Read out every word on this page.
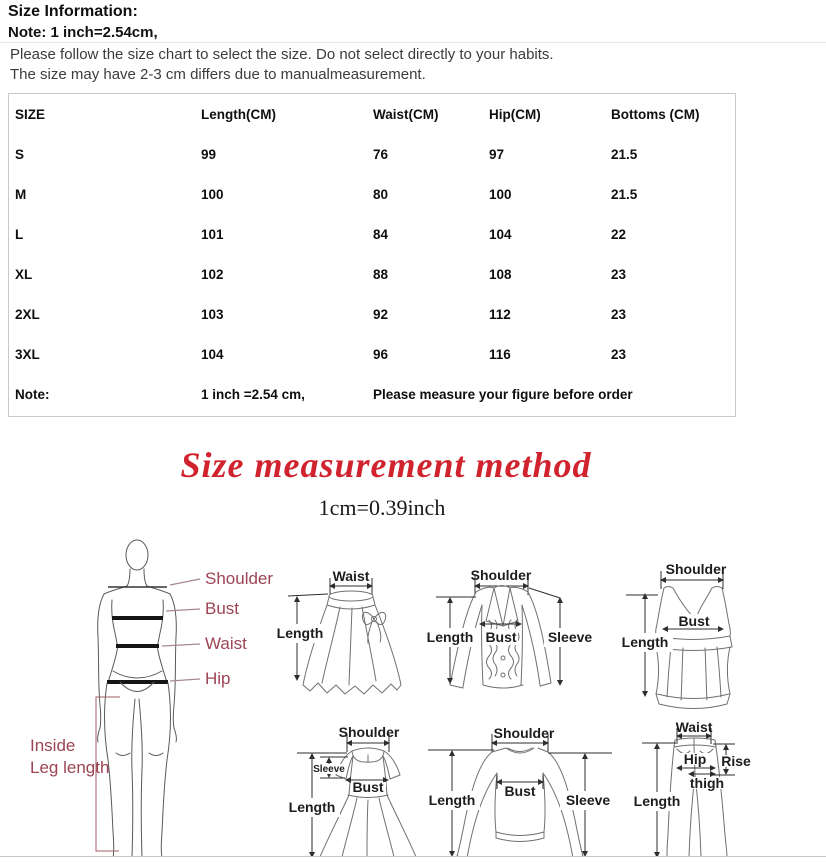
Size Information:
Note: 1 inch=2.54cm,
Please follow the size chart to select the size. Do not select directly to your habits.
The size may have 2-3 cm differs due to manualmeasurement.
SIZE	Length(CM)	Waist(CM)	Hip(CM)	Bottoms (CM)
S	99	76	97	21.5
M	100	80	100	21.5
L	101	84	104	22
XL	102	88	108	23
2XL	103	92	112	23
3XL	104	96	116	23
Note:	1 inch =2.54 cm,	Please measure your figure before order
Size measurement method
1cm=0.39inch
Shoulder
Bust
Waist
Hip
Inside
Leg length
Waist
Length
Shoulder
Length Bust Sleeve
Shoulder
Bust
Length
Shoulder
Sleeve
Bust
Length
Shoulder
Bust
Length	Sleeve
Waist
Hip Rise
thigh
Length
